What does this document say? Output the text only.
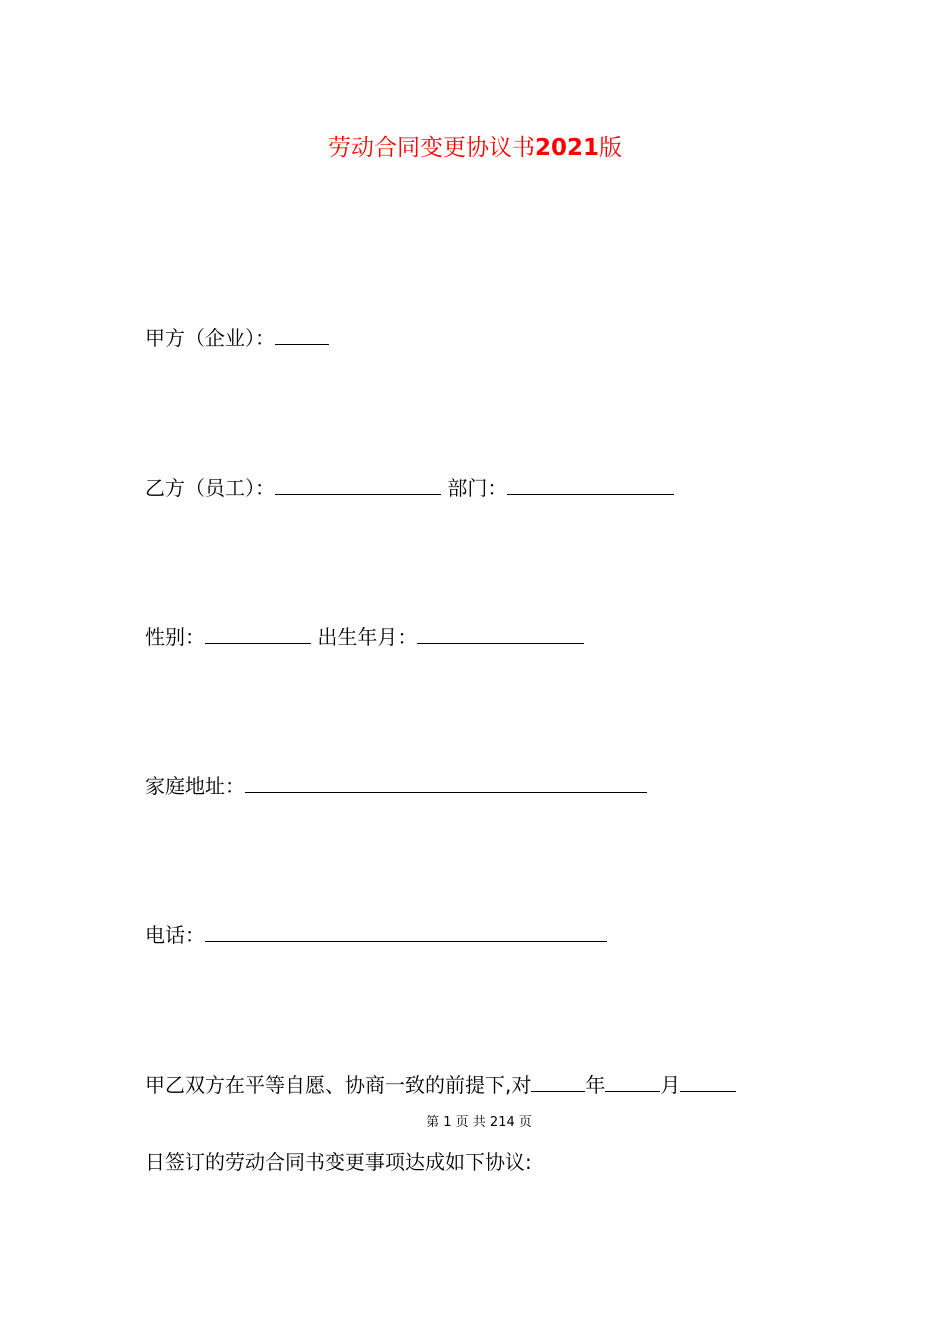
劳动合同变更协议书2021版
甲方（企业）：
乙方（员工）：	部门：
性别：	出生年月：
家庭地址：
电话：
甲乙双方在平等自愿、协商一致的前提下,对	年	月
第 1 页 共 214 页
日签订的劳动合同书变更事项达成如下协议:
